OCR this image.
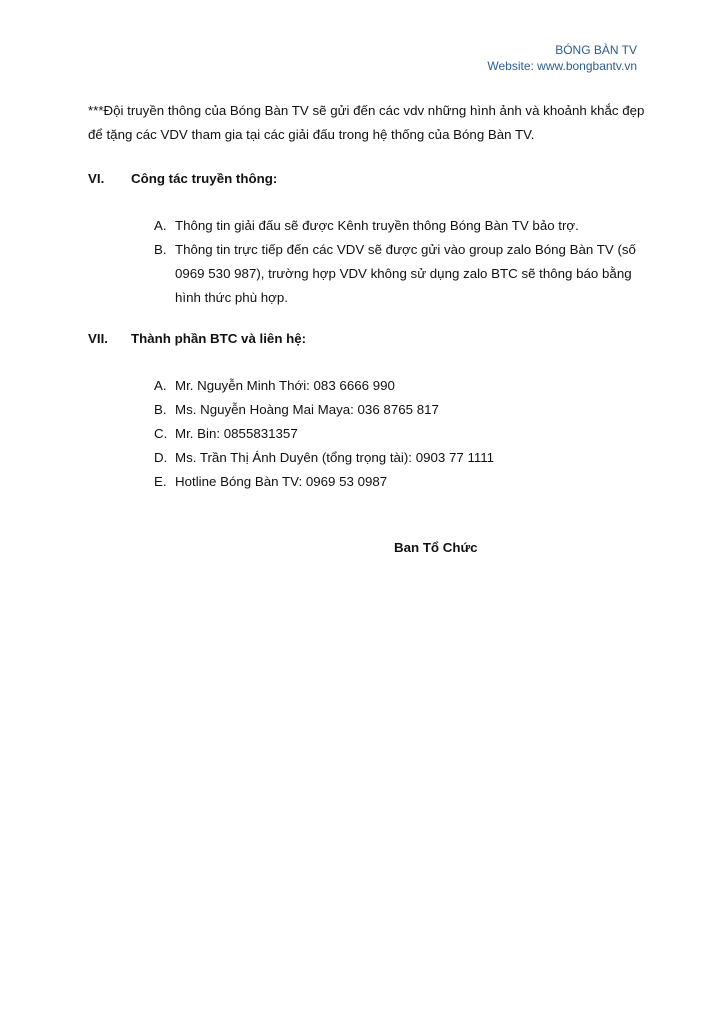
BÓNG BÀN TV
Website: www.bongbantv.vn
***Đội truyền thông của Bóng Bàn TV sẽ gửi đến các vdv những hình ảnh và khoảnh khắc đẹp để tặng các VDV tham gia tại các giải đấu trong hệ thống của Bóng Bàn TV.
VI. Công tác truyền thông:
A. Thông tin giải đấu sẽ được Kênh truyền thông Bóng Bàn TV bảo trợ.
B. Thông tin trực tiếp đến các VDV sẽ được gửi vào group zalo Bóng Bàn TV (số 0969 530 987), trường hợp VDV không sử dụng zalo BTC sẽ thông báo bằng hình thức phù hợp.
VII. Thành phần BTC và liên hệ:
A. Mr. Nguyễn Minh Thới: 083 6666 990
B. Ms. Nguyễn Hoàng Mai Maya: 036 8765 817
C. Mr. Bin: 0855831357
D. Ms. Trần Thị Ánh Duyên (tổng trọng tài): 0903 77 1111
E. Hotline Bóng Bàn TV: 0969 53 0987
Ban Tổ Chức
